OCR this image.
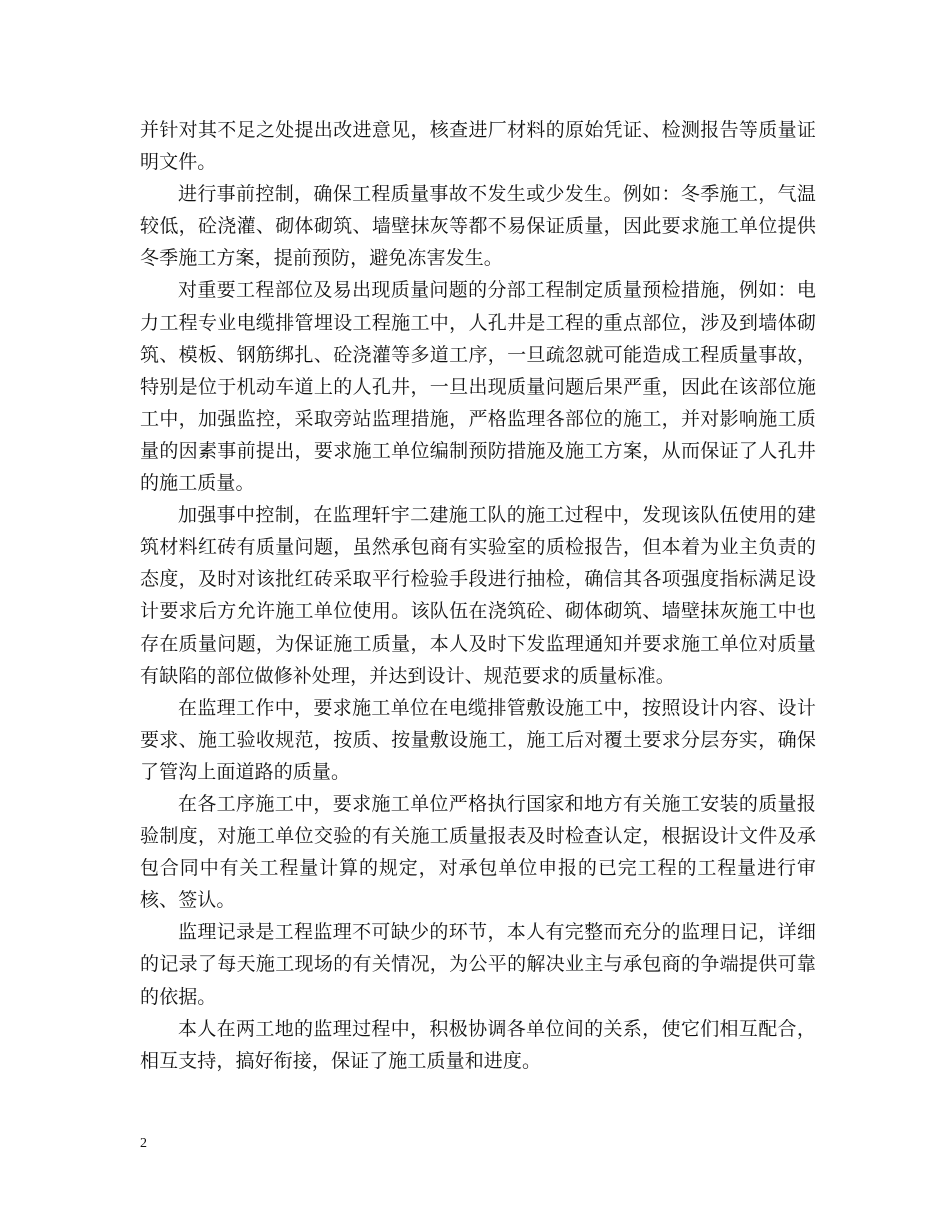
并针对其不足之处提出改进意见，核查进厂材料的原始凭证、检测报告等质量证明文件。

进行事前控制，确保工程质量事故不发生或少发生。例如：冬季施工，气温较低，砼浇灌、砌体砌筑、墙壁抹灰等都不易保证质量，因此要求施工单位提供冬季施工方案，提前预防，避免冻害发生。

对重要工程部位及易出现质量问题的分部工程制定质量预检措施，例如：电力工程专业电缆排管埋设工程施工中，人孔井是工程的重点部位，涉及到墙体砌筑、模板、钢筋绑扎、砼浇灌等多道工序，一旦疏忽就可能造成工程质量事故，特别是位于机动车道上的人孔井，一旦出现质量问题后果严重，因此在该部位施工中，加强监控，采取旁站监理措施，严格监理各部位的施工，并对影响施工质量的因素事前提出，要求施工单位编制预防措施及施工方案，从而保证了人孔井的施工质量。

加强事中控制，在监理轩宇二建施工队的施工过程中，发现该队伍使用的建筑材料红砖有质量问题，虽然承包商有实验室的质检报告，但本着为业主负责的态度，及时对该批红砖采取平行检验手段进行抽检，确信其各项强度指标满足设计要求后方允许施工单位使用。该队伍在浇筑砼、砌体砌筑、墙壁抹灰施工中也存在质量问题，为保证施工质量，本人及时下发监理通知并要求施工单位对质量有缺陷的部位做修补处理，并达到设计、规范要求的质量标准。

在监理工作中，要求施工单位在电缆排管敷设施工中，按照设计内容、设计要求、施工验收规范，按质、按量敷设施工，施工后对覆土要求分层夯实，确保了管沟上面道路的质量。

在各工序施工中，要求施工单位严格执行国家和地方有关施工安装的质量报验制度，对施工单位交验的有关施工质量报表及时检查认定，根据设计文件及承包合同中有关工程量计算的规定，对承包单位申报的已完工程的工程量进行审核、签认。

监理记录是工程监理不可缺少的环节，本人有完整而充分的监理日记，详细的记录了每天施工现场的有关情况，为公平的解决业主与承包商的争端提供可靠的依据。

本人在两工地的监理过程中，积极协调各单位间的关系，使它们相互配合，相互支持，搞好衔接，保证了施工质量和进度。

2
